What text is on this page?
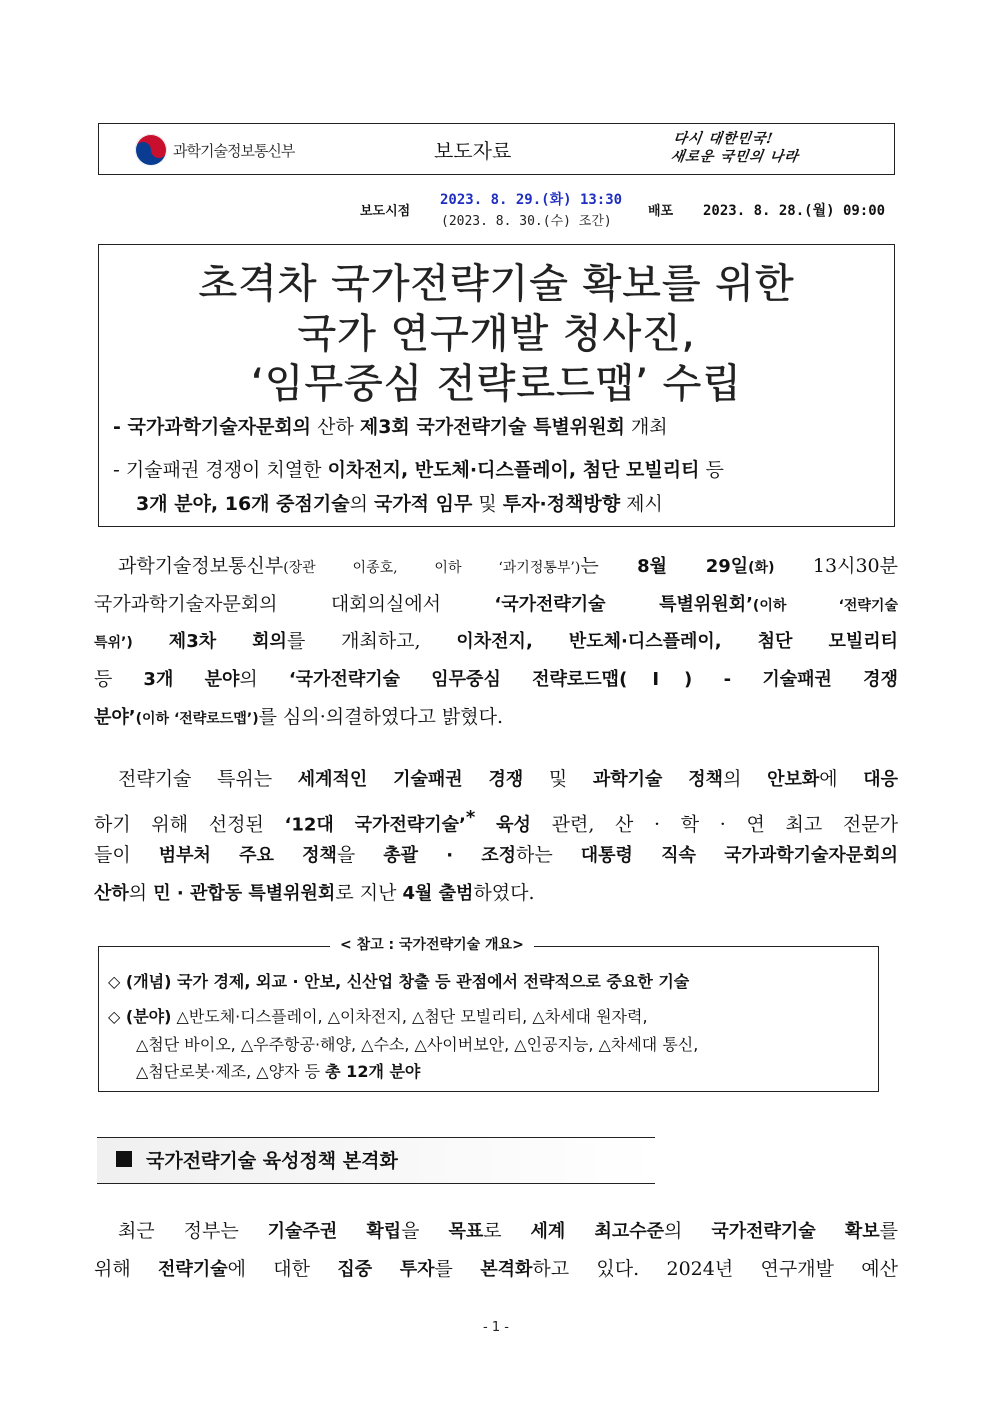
과학기술정보통신부	보도자료	다시 대한민국!
새로운 국민의 나라
보도시점
2023. 8. 29.(화) 13:30
(2023. 8. 30.(수) 조간)
배포 2023. 8. 28.(월) 09:00
초격차 국가전략기술 확보를 위한
국가 연구개발 청사진,
‘임무중심 전략로드맵’ 수립
- 국가과학기술자문회의 산하 제3회 국가전략기술 특별위원회 개최
- 기술패권 경쟁이 치열한 이차전지, 반도체·디스플레이, 첨단 모빌리티 등
3개 분야, 16개 중점기술의 국가적 임무 및 투자·정책방향 제시
과학기술정보통신부(장관 이종호, 이하 ‘과기정통부’)는 8월 29일(화) 13시30분
국가과학기술자문회의 대회의실에서 ‘국가전략기술 특별위원회’(이하 ‘전략기술
특위’) 제3차 회의를 개최하고, 이차전지, 반도체·디스플레이, 첨단 모빌리티
등 3개 분야의 ‘국가전략기술 임무중심 전략로드맵(Ⅰ) - 기술패권 경쟁
분야’(이하 ‘전략로드맵’)를 심의·의결하였다고 밝혔다.
전략기술 특위는 세계적인 기술패권 경쟁 및 과학기술 정책의 안보화에 대응
하기 위해 선정된 ‘12대 국가전략기술’* 육성 관련, 산 · 학 · 연 최고 전문가
들이 범부처 주요 정책을 총괄 · 조정하는 대통령 직속 국가과학기술자문회의
산하의 민 · 관합동 특별위원회로 지난 4월 출범하였다.
< 참고 : 국가전략기술 개요>
◇ (개념) 국가 경제, 외교 · 안보, 신산업 창출 등 관점에서 전략적으로 중요한 기술
◇ (분야) △반도체·디스플레이, △이차전지, △첨단 모빌리티, △차세대 원자력,
△첨단 바이오, △우주항공·해양, △수소, △사이버보안, △인공지능, △차세대 통신,
△첨단로봇·제조, △양자 등 총 12개 분야
국가전략기술 육성정책 본격화
최근 정부는 기술주권 확립을 목표로 세계 최고수준의 국가전략기술 확보를
위해 전략기술에 대한 집중 투자를 본격화하고 있다. 2024년 연구개발 예산
- 1 -
